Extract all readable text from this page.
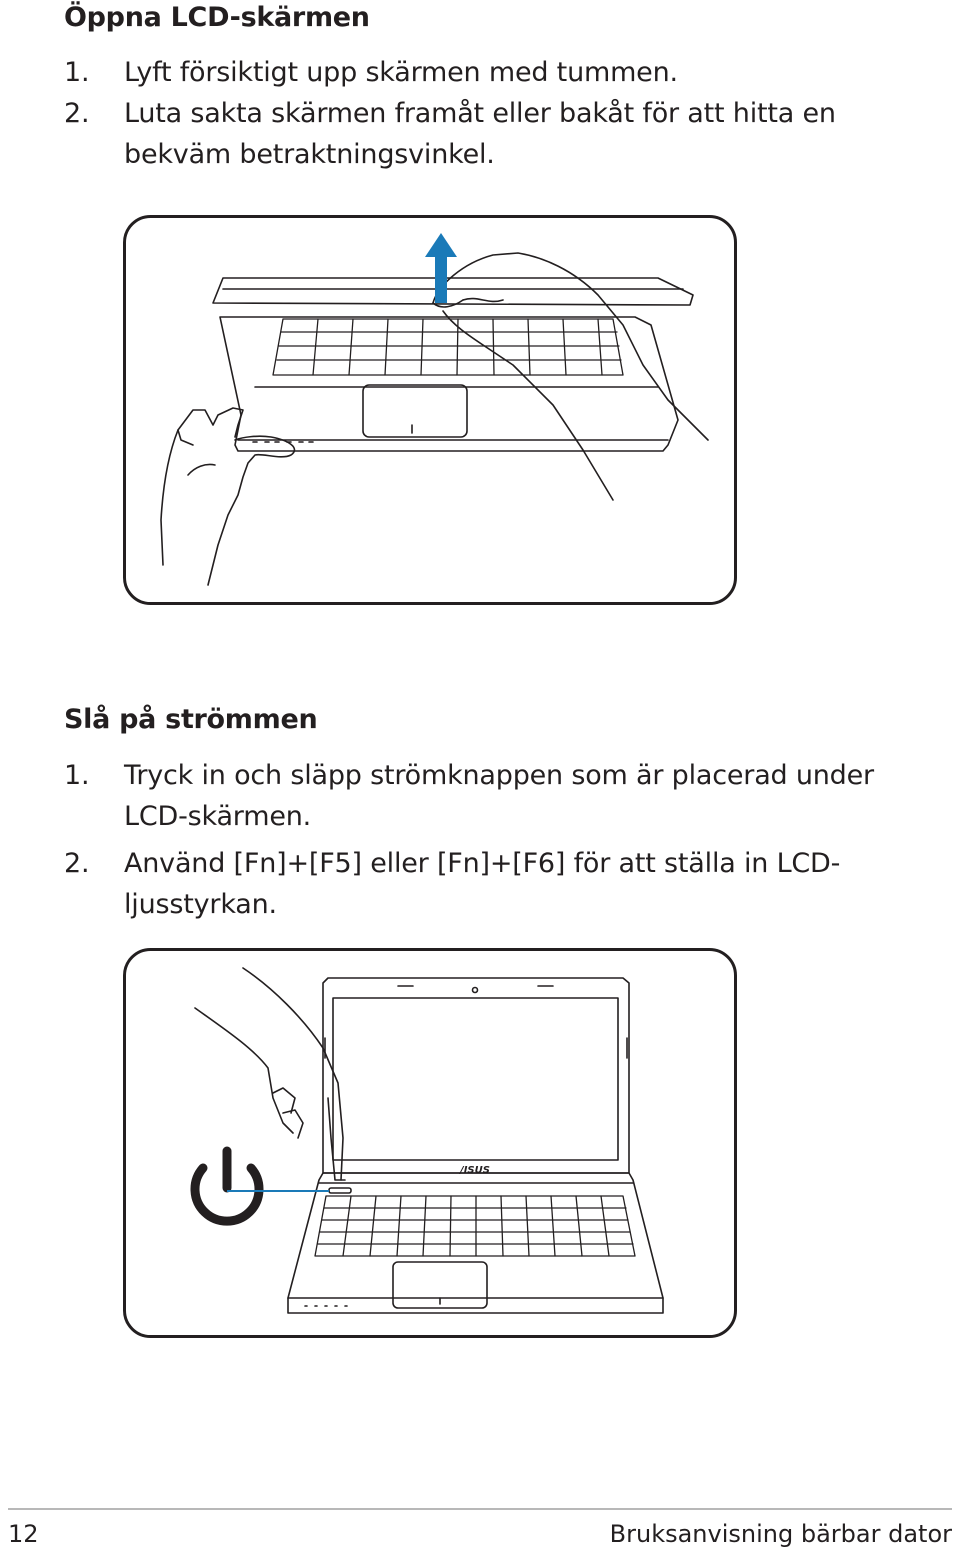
Öppna LCD-skärmen
1. Lyft försiktigt upp skärmen med tummen.
2. Luta sakta skärmen framåt eller bakåt för att hitta en bekväm betraktningsvinkel.
Slå på strömmen
1. Tryck in och släpp strömknappen som är placerad under LCD-skärmen.
2. Använd [Fn]+[F5] eller [Fn]+[F6] för att ställa in LCD-ljusstyrkan.
/ISUS
12	Bruksanvisning bärbar dator
